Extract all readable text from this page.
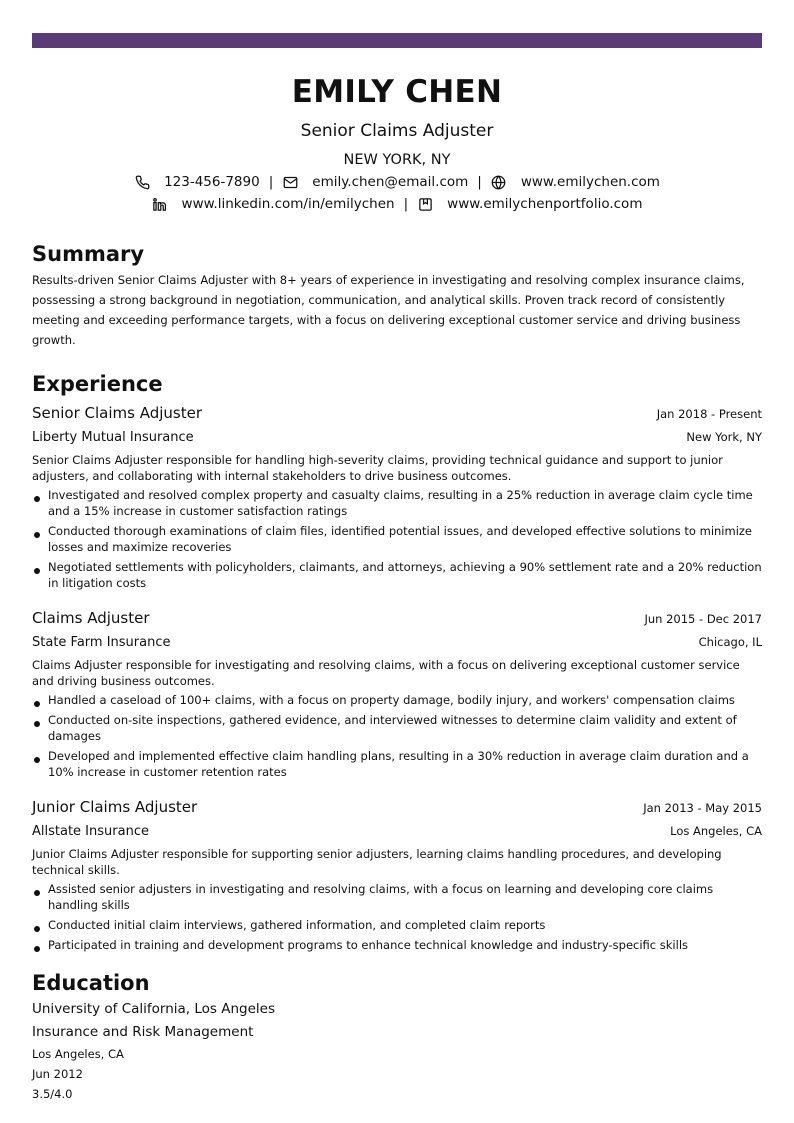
EMILY CHEN
Senior Claims Adjuster
NEW YORK, NY
123-456-7890 |	emily.chen@email.com |	www.emilychen.com
www.linkedin.com/in/emilychen |	www.emilychenportfolio.com
Summary

Results-driven Senior Claims Adjuster with 8+ years of experience in investigating and resolving complex insurance claims, possessing a strong background in negotiation, communication, and analytical skills. Proven track record of consistently meeting and exceeding performance targets, with a focus on delivering exceptional customer service and driving business growth.

Experience
Senior Claims Adjuster	Jan 2018 - Present
Liberty Mutual Insurance	New York, NY
Senior Claims Adjuster responsible for handling high-severity claims, providing technical guidance and support to junior adjusters, and collaborating with internal stakeholders to drive business outcomes.
Investigated and resolved complex property and casualty claims, resulting in a 25% reduction in average claim cycle time and a 15% increase in customer satisfaction ratings
Conducted thorough examinations of claim files, identified potential issues, and developed effective solutions to minimize losses and maximize recoveries
Negotiated settlements with policyholders, claimants, and attorneys, achieving a 90% settlement rate and a 20% reduction in litigation costs
Claims Adjuster	Jun 2015 - Dec 2017
State Farm Insurance	Chicago, IL
Claims Adjuster responsible for investigating and resolving claims, with a focus on delivering exceptional customer service and driving business outcomes.
Handled a caseload of 100+ claims, with a focus on property damage, bodily injury, and workers' compensation claims
Conducted on-site inspections, gathered evidence, and interviewed witnesses to determine claim validity and extent of damages
Developed and implemented effective claim handling plans, resulting in a 30% reduction in average claim duration and a 10% increase in customer retention rates
Junior Claims Adjuster	Jan 2013 - May 2015
Allstate Insurance	Los Angeles, CA
Junior Claims Adjuster responsible for supporting senior adjusters, learning claims handling procedures, and developing technical skills.
Assisted senior adjusters in investigating and resolving claims, with a focus on learning and developing core claims handling skills
Conducted initial claim interviews, gathered information, and completed claim reports
Participated in training and development programs to enhance technical knowledge and industry-specific skills
Education
University of California, Los Angeles
Insurance and Risk Management
Los Angeles, CA
Jun 2012
3.5/4.0
